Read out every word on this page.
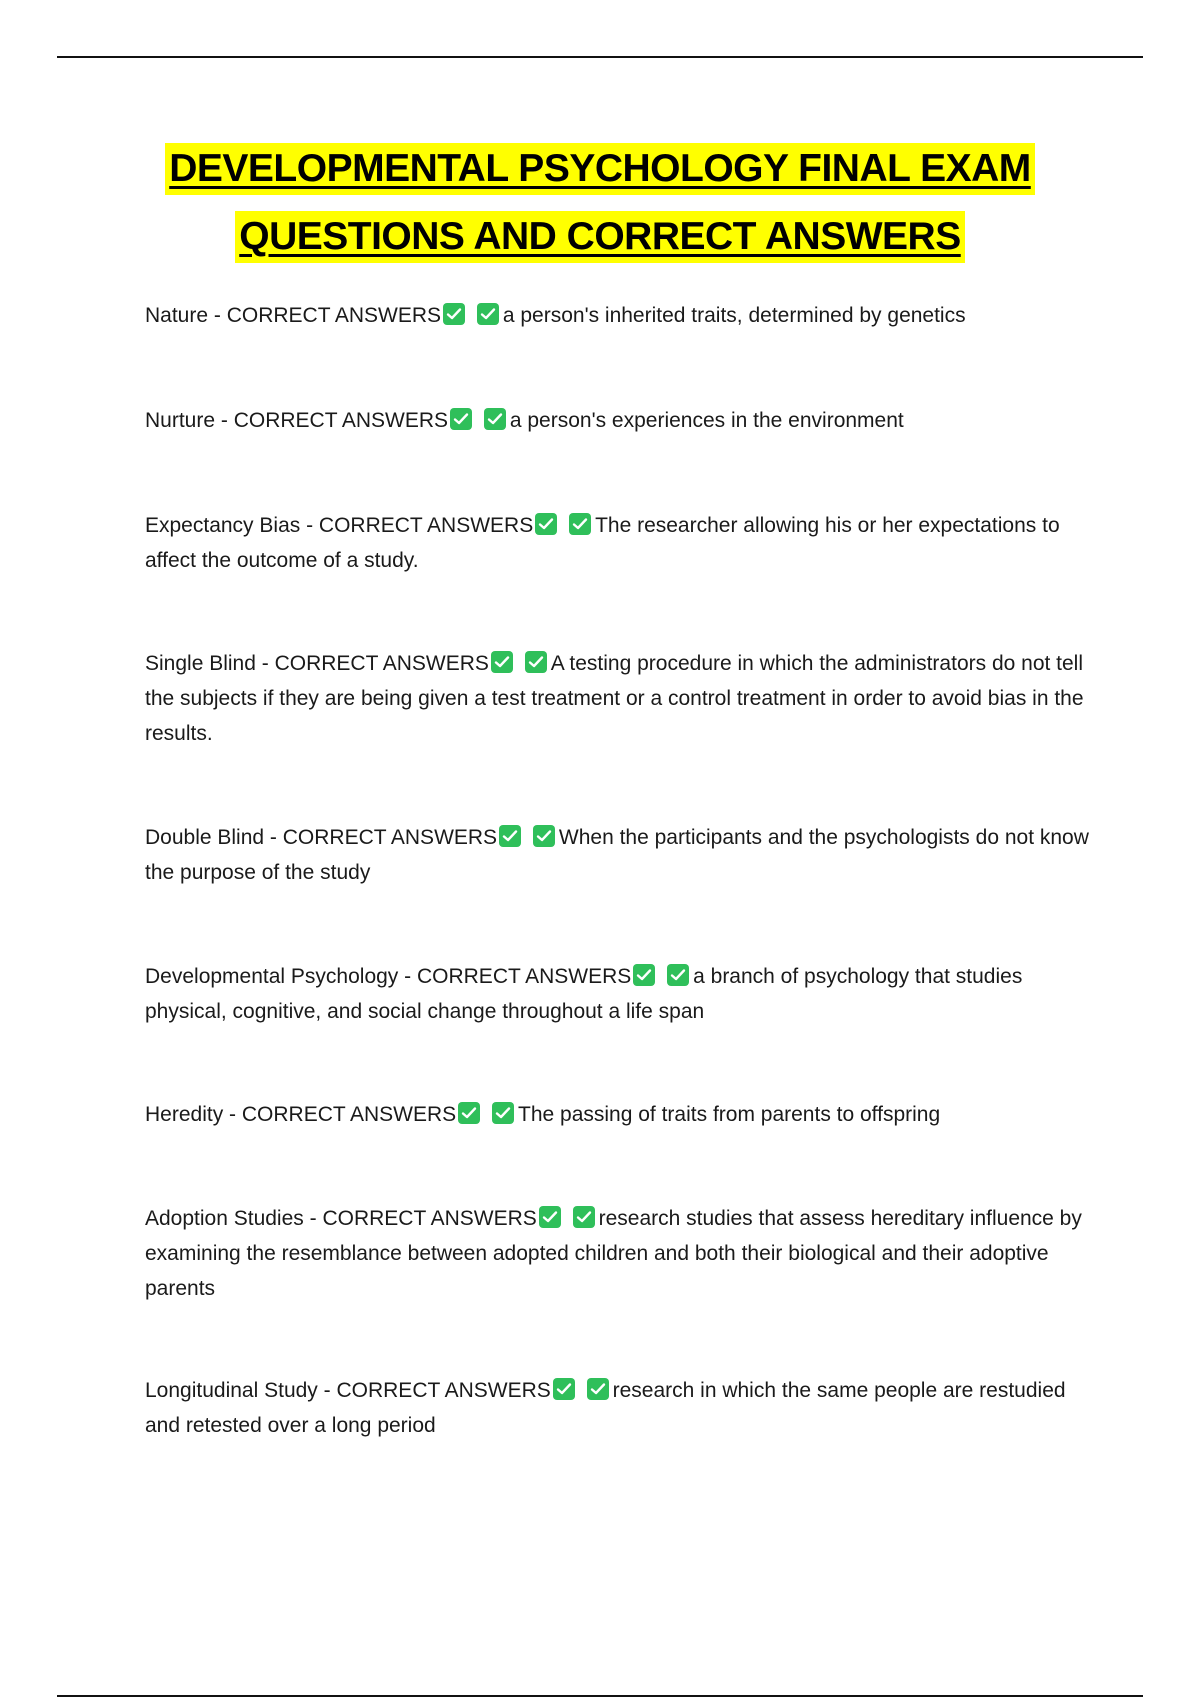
DEVELOPMENTAL PSYCHOLOGY FINAL EXAM
QUESTIONS AND CORRECT ANSWERS
Nature - CORRECT ANSWERS
	a person's inherited traits, determined by genetics
Nurture - CORRECT ANSWERS
	a person's experiences in the environment
Expectancy Bias - CORRECT ANSWERS
	The researcher allowing his or her expectations to affect the outcome of a study.
Single Blind - CORRECT ANSWERS
	A testing procedure in which the administrators do not tell the subjects if they are being given a test treatment or a control treatment in order to avoid bias in the results.
Double Blind - CORRECT ANSWERS
	When the participants and the psychologists do not know the purpose of the study
Developmental Psychology - CORRECT ANSWERS
	a branch of psychology that studies physical, cognitive, and social change throughout a life span
Heredity - CORRECT ANSWERS
	The passing of traits from parents to offspring
Adoption Studies - CORRECT ANSWERS
	research studies that assess hereditary influence by examining the resemblance between adopted children and both their biological and their adoptive parents
Longitudinal Study - CORRECT ANSWERS
	research in which the same people are restudied and retested over a long period
